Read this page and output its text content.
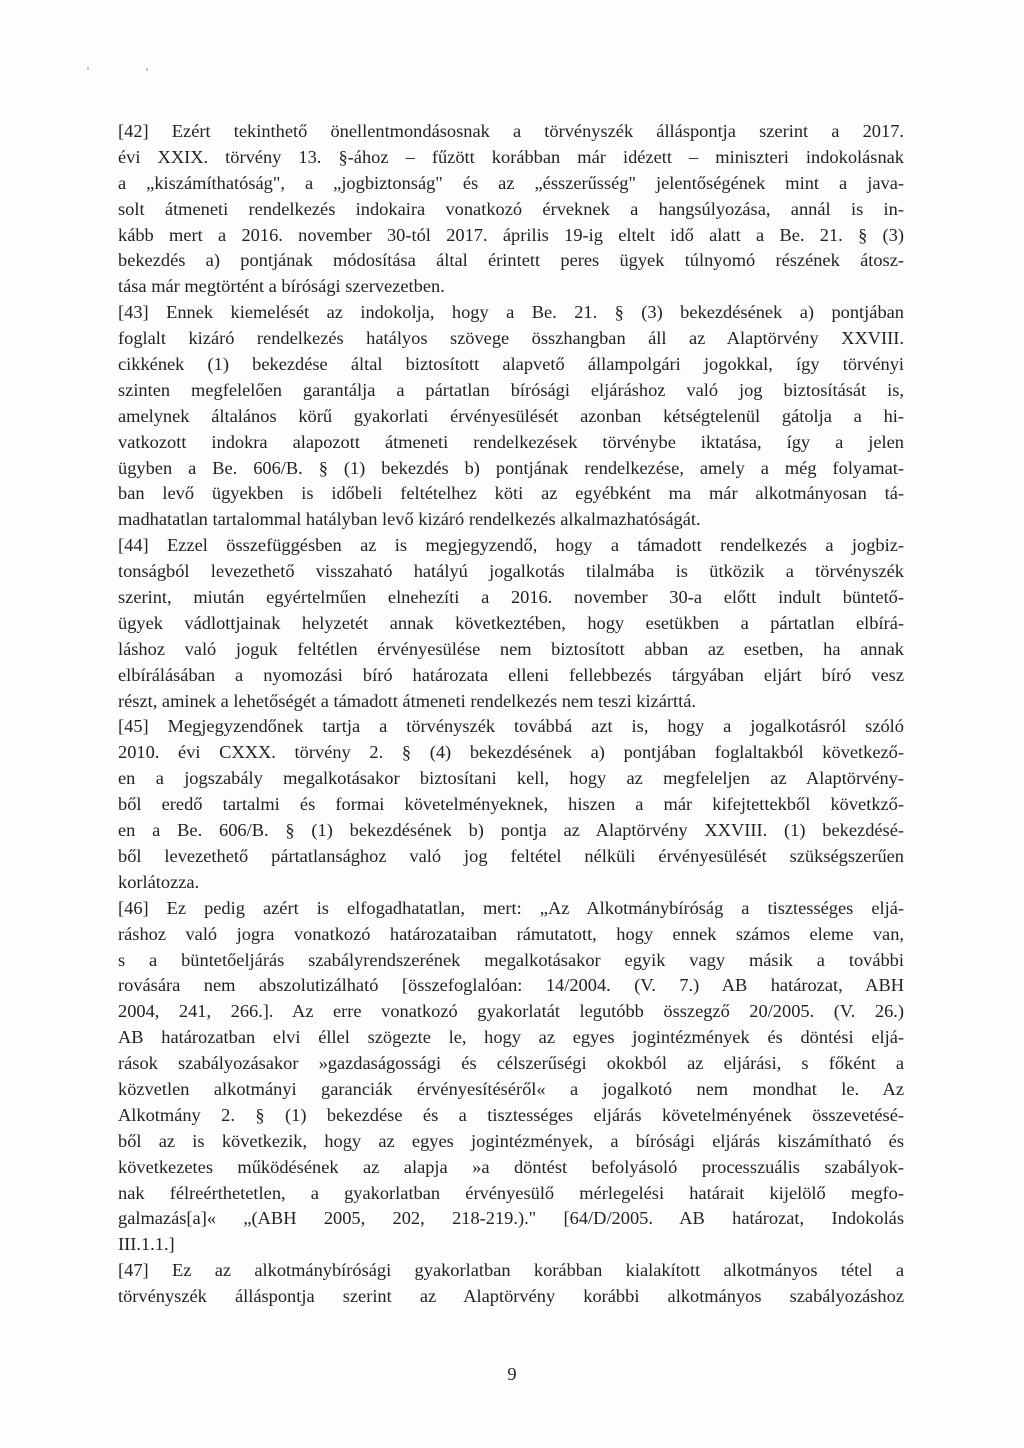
[42] Ezért tekinthető önellentmondásosnak a törvényszék álláspontja szerint a 2017.
évi XXIX. törvény 13. §-ához – fűzött korábban már idézett – miniszteri indokolásnak
a „kiszámíthatóság", a „jogbiztonság" és az „ésszerűsség" jelentőségének mint a java-
solt átmeneti rendelkezés indokaira vonatkozó érveknek a hangsúlyozása, annál is in-
kább mert a 2016. november 30-tól 2017. április 19-ig eltelt idő alatt a Be. 21. § (3)
bekezdés a) pontjának módosítása által érintett peres ügyek túlnyomó részének átosz-
tása már megtörtént a bírósági szervezetben.
[43] Ennek kiemelését az indokolja, hogy a Be. 21. § (3) bekezdésének a) pontjában
foglalt kizáró rendelkezés hatályos szövege összhangban áll az Alaptörvény XXVIII.
cikkének (1) bekezdése által biztosított alapvető állampolgári jogokkal, így törvényi
szinten megfelelően garantálja a pártatlan bírósági eljáráshoz való jog biztosítását is,
amelynek általános körű gyakorlati érvényesülését azonban kétségtelenül gátolja a hi-
vatkozott indokra alapozott átmeneti rendelkezések törvénybe iktatása, így a jelen
ügyben a Be. 606/B. § (1) bekezdés b) pontjának rendelkezése, amely a még folyamat-
ban levő ügyekben is időbeli feltételhez köti az egyébként ma már alkotmányosan tá-
madhatatlan tartalommal hatályban levő kizáró rendelkezés alkalmazhatóságát.
[44] Ezzel összefüggésben az is megjegyzendő, hogy a támadott rendelkezés a jogbiz-
tonságból levezethető visszaható hatályú jogalkotás tilalmába is ütközik a törvényszék
szerint, miután egyértelműen elnehezíti a 2016. november 30-a előtt indult büntető-
ügyek vádlottjainak helyzetét annak következtében, hogy esetükben a pártatlan elbírá-
láshoz való joguk feltétlen érvényesülése nem biztosított abban az esetben, ha annak
elbírálásában a nyomozási bíró határozata elleni fellebbezés tárgyában eljárt bíró vesz
részt, aminek a lehetőségét a támadott átmeneti rendelkezés nem teszi kizárttá.
[45] Megjegyzendőnek tartja a törvényszék továbbá azt is, hogy a jogalkotásról szóló
2010. évi CXXX. törvény 2. § (4) bekezdésének a) pontjában foglaltakból következő-
en a jogszabály megalkotásakor biztosítani kell, hogy az megfeleljen az Alaptörvény-
ből eredő tartalmi és formai követelményeknek, hiszen a már kifejtettekből követkző-
en a Be. 606/B. § (1) bekezdésének b) pontja az Alaptörvény XXVIII. (1) bekezdésé-
ből levezethető pártatlansághoz való jog feltétel nélküli érvényesülését szükségszerűen
korlátozza.
[46] Ez pedig azért is elfogadhatatlan, mert: „Az Alkotmánybíróság a tisztességes eljá-
ráshoz való jogra vonatkozó határozataiban rámutatott, hogy ennek számos eleme van,
s a büntetőeljárás szabályrendszerének megalkotásakor egyik vagy másik a további
rovására nem abszolutizálható [összefoglalóan: 14/2004. (V. 7.) AB határozat, ABH
2004, 241, 266.]. Az erre vonatkozó gyakorlatát legutóbb összegző 20/2005. (V. 26.)
AB határozatban elvi éllel szögezte le, hogy az egyes jogintézmények és döntési eljá-
rások szabályozásakor »gazdaságossági és célszerűségi okokból az eljárási, s főként a
közvetlen alkotmányi garanciák érvényesítéséről« a jogalkotó nem mondhat le. Az
Alkotmány 2. § (1) bekezdése és a tisztességes eljárás követelményének összevetésé-
ből az is következik, hogy az egyes jogintézmények, a bírósági eljárás kiszámítható és
következetes működésének az alapja »a döntést befolyásoló processzuális szabályok-
nak félreérthetetlen, a gyakorlatban érvényesülő mérlegelési határait kijelölő megfo-
galmazás[a]« „(ABH 2005, 202, 218-219.)." [64/D/2005. AB határozat, Indokolás
III.1.1.]
[47] Ez az alkotmánybírósági gyakorlatban korábban kialakított alkotmányos tétel a
törvényszék álláspontja szerint az Alaptörvény korábbi alkotmányos szabályozáshoz
9
